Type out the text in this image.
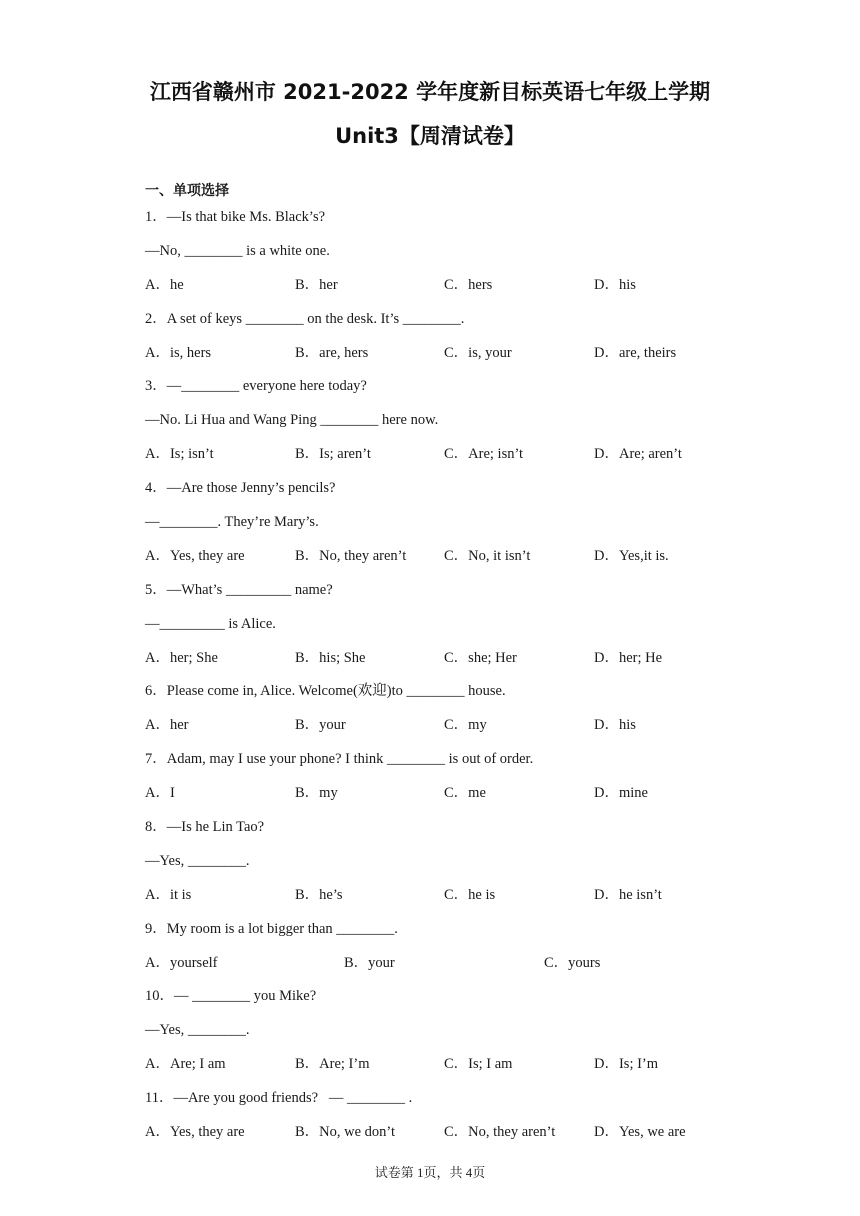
江西省赣州市 2021-2022 学年度新目标英语七年级上学期
Unit3【周清试卷】
一、单项选择
1．—Is that bike Ms. Black’s?
—No, ________ is a white one.
A．he	B．her	C．hers	D．his
2．A set of keys ________ on the desk. It’s ________.
A．is, hers	B．are, hers	C．is, your	D．are, theirs
3．—________ everyone here today?
—No. Li Hua and Wang Ping ________ here now.
A．Is; isn’t	B．Is; aren’t	C．Are; isn’t	D．Are; aren’t
4．—Are those Jenny’s pencils?
—________. They’re Mary’s.
A．Yes, they are	B．No, they aren’t	C．No, it isn’t	D．Yes,it is.
5．—What’s _________ name?
—_________ is Alice.
A．her; She	B．his; She	C．she; Her	D．her; He
6．Please come in, Alice. Welcome(欢迎)to ________ house.
A．her	B．your	C．my	D．his
7．Adam, may I use your phone? I think ________ is out of order.
A．I	B．my	C．me	D．mine
8．—Is he Lin Tao?
—Yes, ________.
A．it is	B．he’s	C．he is	D．he isn’t
9．My room is a lot bigger than ________.
A．yourself	B．your	C．yours
10．— ________ you Mike?
—Yes, ________.
A．Are; I am	B．Are; I’m	C．Is; I am	D．Is; I’m
11．—Are you good friends?   — ________ .
A．Yes, they are	B．No, we don’t	C．No, they aren’t	D．Yes, we are
试卷第 1页，共 4页
